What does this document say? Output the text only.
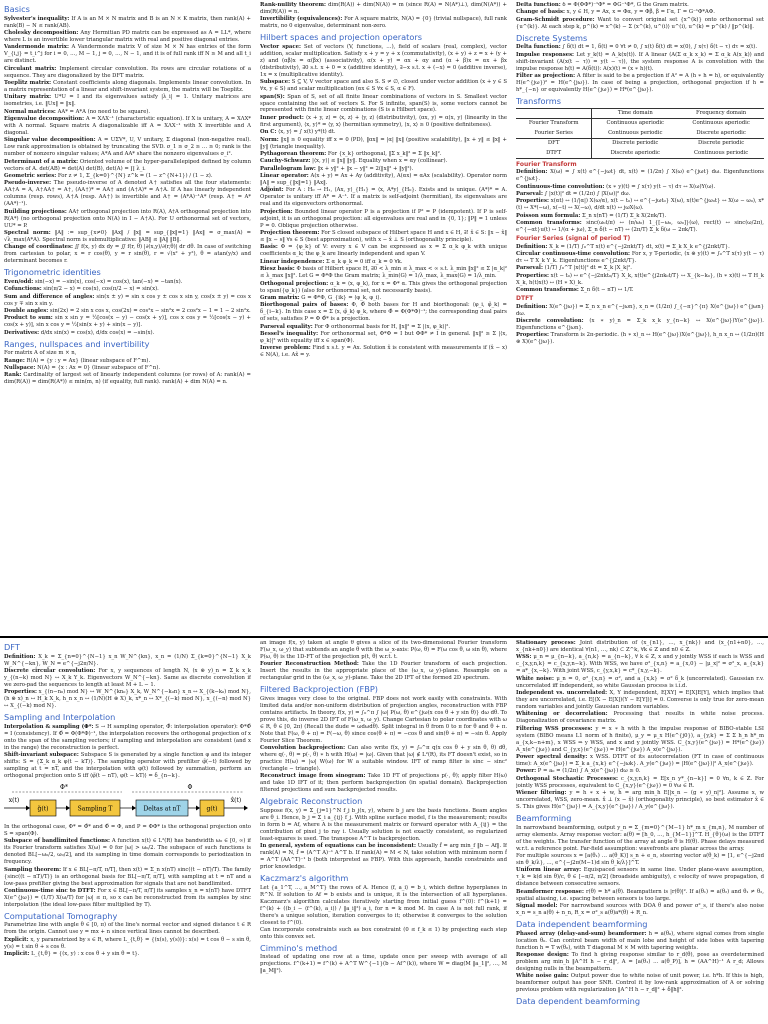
Basics

Sylvester's inequality: If A is an M × N matrix and B is an N × K matrix, then rank(A) + rank(B) − N ≤ rank(AB).

Cholesky decomposition: Any Hermitian PD matrix can be expressed as A = LL*, where where L is an invertible lower triangular matrix with real and positive diagonal entries.

Vandermonde matrix: A Vandermonde matrix V of size M × N has entries of the form V_{i,j} = t_i^j for i = 0, …, M − 1, j = 0, …, N − 1, and it is of full rank iff N ≥ M and all t_i are distinct.

Circulant matrix: Implement circular convolution. Its rows are circular rotations of a sequence. They are diagonalized by the DFT matrix.

Toeplitz matrix: Constant coefficients along diagonals. Implements linear convolution. In a matrix representation of a linear and shift-invariant system, the matrix will be Toeplitz.

Unitary matrix: U*U = I and its eigenvalues satisfy |λ_i| = 1. Unitary matrices are isometries, i.e. ‖Ux‖ = ‖x‖.

Normal matrices: AA* = A*A (no need to be square).

Eigenvalue decomposition: A = XΛX⁻¹ (characteristic equation). If X is unitary, A = XΛX* with A normal. Square matrix A diagonalizable iff A = XΛX⁻¹ with X invertible and Λ diagonal.

Singular value decomposition: A = UΣV*, U, V unitary, Σ diagonal (non-negative real). Low rank approximation is obtained by truncating the SVD. σ_1 ≥ σ_2 ≥ … ≥ 0; rank is the number of nonzero singular values; A*A and AA* share the nonzero eigenvalues σ_i².

Determinant of a matrix: Oriented volume of the hyper-parallelepiped defined by column vectors of A. det(AB) = det(A) det(B), det(A) = ∏ λ_i.

Geometric series: For z ≠ 1, Σ_{k=0}^{N} z^k = (1 − z^{N+1}) / (1 − z).

Pseudo-inverse: The pseudo-inverse of A denoted A† satisfies all the four statements: AA†A = A, A†AA† = A†, (AA†)* = AA† and (A†A)* = A†A. If A has linearly independent columns (resp. rows), A†A (resp. AA†) is invertible and A† = (A*A)⁻¹A* (resp. A† = A*(AA*)⁻¹).

Building projections: AA† orthogonal projection into R(A), A†A orthogonal projection into R(A*) (no orthogonal projection onto N(A) in I − A†A). For U orthonormal set of vectors, UU* = P.

Spectral norm: ‖A‖ := sup_{x≠0} ‖Ax‖ / ‖x‖ = sup_{‖x‖=1} ‖Ax‖ = σ_max(A) = √λ_max(A*A). Spectral norm is submultiplicative: ‖AB‖ ≤ ‖A‖ ‖B‖.

Change of coordinates: ∬ f(x, y) dx dy = ∬ f(r, θ) |∂(x,y)/∂(r,θ)| dr dθ. In case of switching from cartesian to polar, x = r cos(θ), y = r sin(θ), r = √(x² + y²), θ = atan(y/x) and determinant becomes r.

Trigonometric identities

Even/odd: sin(−x) = −sin(x), cos(−x) = cos(x), tan(−x) = −tan(x).

Cofunctions: sin(π/2 − x) = cos(x), cos(π/2 − x) = sin(x).

Sum and difference of angles: sin(x ± y) = sin x cos y ± cos x sin y, cos(x ± y) = cos x cos y ∓ sin x sin y.

Double angles: sin(2x) = 2 sin x cos x, cos(2x) = cos²x − sin²x = 2 cos²x − 1 = 1 − 2 sin²x.

Product to sum: sin x sin y = ½[cos(x − y) − cos(x + y)], cos x cos y = ½[cos(x − y) + cos(x + y)], sin x cos y = ½[sin(x + y) + sin(x − y)].

Derivatives: d/dx sin(x) = cos(x), d/dx cos(x) = −sin(x).

Ranges, nullspaces and invertibility

For matrix A of size m × n,

Range: R(A) = {y : y = Ax} (linear subspace of F^m).

Nullspace: N(A) = {x : Ax = 0} (linear subspace of F^n).

Rank: Cardinality of largest set of linearly independent columns (or rows) of A: rank(A) = dim(R(A)) = dim(R(A*)) ≤ min(m, n) (if equality, full rank). rank(A) + dim N(A) = n.

Rank-nullity theorem: dim(R(A)) + dim(N(A)) = m (since R(A) = N(A*)⊥), dim(N(A*)) + dim(R(A)) = n.

Invertibility (equivalences): For A square matrix, N(A) = {0} (trivial nullspace), full rank matrix, no 0 eigenvalue, determinant non-zero.

Hilbert spaces and projection operators

Vector space: Set of vectors (V, functions, …), field of scalars (real, complex), vector addition, scalar multiplication. Satisfy x + y = y + x (commutativity), (x + y) + z = x + (y + z) and (αβ)x = α(βx) (associativity), α(x + y) = αx + αy and (α + β)x = αx + βx (distributivity), ∃0 s.t. x + 0 = x (additive identity), ∃−x s.t. x + (−x) = 0 (additive inverse), 1x = x (multiplicative identity).

Subspace: S ⊆ V, V vector space and also S. S ≠ ∅, closed under vector addition (x + y ∈ S ∀x, y ∈ S) and scalar multiplication (αx ∈ S ∀x ∈ S, α ∈ F).

span(S): Span of S, set of all finite linear combinations of vectors in S. Smallest vector space containing the set of vectors S. For S infinite, span(S) is, some vectors cannot be represented with finite linear combinations (S is a Hilbert space).

Inner product: ⟨x + y, z⟩ = ⟨x, z⟩ + ⟨y, z⟩ (distributivity), ⟨αx, y⟩ = α⟨x, y⟩ (linearity in the first argument), ⟨x, y⟩* = ⟨y, x⟩ (hermitian symmetry), ⟨x, x⟩ ≥ 0 (positive definiteness).

On C: ⟨x, y⟩ = ∫ x(t) y*(t) dt.

Norm: ‖x‖ ≥ 0 equality iff x = 0 (PD), ‖αx‖ = |α| ‖x‖ (positive scalability), ‖x + y‖ ≤ ‖x‖ + ‖y‖ (triangle inequality).

Pythagorean theorem: For {x_k} orthogonal, ‖Σ x_k‖² = Σ ‖x_k‖².

Cauchy-Schwarz: |⟨x, y⟩| ≤ ‖x‖ ‖y‖. Equality when x = αy (collinear).

Parallelogram law: ‖x + y‖² + ‖x − y‖² = 2(‖x‖² + ‖y‖²).

Linear operator: A(x + y) = Ax + Ay (additivity), A(αx) = αAx (scalability). Operator norm ‖A‖ = sup_{‖x‖=1} ‖Ax‖.

Adjoint: For A : H₀ → H₁, ⟨Ax, y⟩_{H₁} = ⟨x, A*y⟩_{H₀}. Exists and is unique. (A*)* = A. Operator is unitary iff A* = A⁻¹. If a matrix is self-adjoint (hermitian), its eigenvalues are real and its eigenvectors orthonormal.

Projection: Bounded linear operator P is a projection if P² = P (idempotent). If P is self-adjoint, it is an orthogonal projection: all eigenvalues are real and in {0, 1}; ‖P‖ = 1 unless P = 0. Oblique projection otherwise.

Projection theorem: For S closed subspace of Hilbert space H and x ∈ H, ∃! x̂ ∈ S: ‖x − x̂‖ ≤ ‖x − s‖ ∀s ∈ S (best approximation), with x − x̂ ⊥ S (orthogonality principle).

Basis: Φ = {φ_k} of V: every x ∈ V can be expressed as x = Σ α_k φ_k with unique coefficients α_k; the φ_k are linearly independent and span V.

Linear independence: Σ α_k φ_k = 0 iff α_k = 0 ∀k.

Riesz basis: Φ basis of Hilbert space H, ∃0 < λ_min ≤ λ_max < ∞ s.t. λ_min ‖x‖² ≤ Σ |α_k|² ≤ λ_max ‖x‖². Let G = Φ*Φ the Gram matrix; λ_min(G) = 1/λ_max, λ_max(G) = 1/λ_min.

Orthogonal projection: α_k = ⟨x, φ_k⟩, for x = Φ* α. This gives the orthogonal projection to span({φ_k}) (also for orthonormal set, not necessarily basis).

Gram matrix: G = Φ*Φ, G_{ik} = ⟨φ_k, φ_i⟩.

Biorthogonal pairs of bases: Φ, Φ̃ both bases for H and biorthogonal: ⟨φ_i, φ̃_k⟩ = δ_{i−k}. In this case x = Σ ⟨x, φ̃_k⟩ φ_k, where Φ̃ = Φ(Φ*Φ)⁻¹; the corresponding dual pairs of sets, satisfies P = Φ Φ̃* is a projection.

Parseval equality: For Φ orthonormal basis for H, ‖x‖² = Σ |⟨x, φ_k⟩|².

Bessel's inequality: For orthonormal set, Φ*Φ = I but ΦΦ* ≠ I in general. ‖x‖² ≥ Σ |⟨x, φ_k⟩|² with equality iff x ∈ span(Φ).

Inverse problem: Find x s.t. y = Ax. Solution x̂ is consistent with measurements if (x̂ − x) ∈ N(A), i.e. Ax̂ = y.

Delta function: δ = Φ(ΦΦ*)⁻¹Φ* = ΦG⁻¹Φ*, G the Gram matrix.

Change of basis: x, y ∈ H, y = Ax, x = Φα, y = Φβ, β = Γα, Γ = G⁻¹Φ*AΦ.

Gram-Schmidt procedure: Want to convert original set {x^(k)} onto orthonormal set {u^(k)}. At each step k, p^(k) = x^(k) − Σ ⟨x^(k), u^(i)⟩ u^(i), u^(k) = p^(k) / ‖p^(k)‖.

Discrete Systems

Delta function: ∫ δ(t) dt = 1, δ(t) = 0 ∀t ≠ 0, ∫ x(t) δ(t) dt = x(0), ∫ x(τ) δ(t − τ) dτ = x(t).

Impulse responses: Let y_k(t) = A_k(x(t)). If A linear (A(Σ α_k x_k) = Σ α_k A(x_k)) and shift-invariant (A(x(t − τ)) = y(t − τ)), the system response A is convolution with the impulse response h(t) = A(δ(t)): A(x)(t) = (x ∗ h)(t).

Filter as projection: A filter is said to be a projection if A² = A (h ∗ h = h), or equivalently H(e^{jω})² = H(e^{jω}). In case of being a projection, orthogonal projection if h = h*_{−n} or equivalently H(e^{jω}) = H*(e^{jω}).

Transforms
	Time domain	Frequency domain
Fourier Transform	Continuous aperiodic	Continuous aperiodic
Fourier Series	Continuous periodic	Discrete aperiodic
DFT	Discrete periodic	Discrete periodic
DTFT	Discrete aperiodic	Continuous periodic
Fourier Transform

Definition: X(ω) = ∫ x(t) e^{−jωt} dt, x(t) = (1/2π) ∫ X(ω) e^{jωt} dω. Eigenfunctions e^{jωt}.

Continuous-time convolution: (x ∗ y)(t) = ∫ x(τ) y(t − τ) dτ ↔ X(ω)Y(ω).

Parseval: ∫ |x(t)|² dt = (1/2π) ∫ |X(ω)|² dω.

Properties: x(αt) ↔ (1/|α|) X(ω/α), x(t − t₀) ↔ e^{−jωt₀} X(ω), x(t)e^{jω₀t} ↔ X(ω − ω₀), x*(t) ↔ X*(−ω), x(−t) ↔ X(−ω), d/dt x(t) ↔ jωX(ω).

Poisson sum formula: Σ_n x(nT) = (1/T) Σ_k X(2πk/T).

Common transforms: sinc(ω₀t/π) ↔ (π/ω₀) 1_{[−ω₀, ω₀]}(ω), rect(t) ↔ sinc(ω/2π), e^{−αt}u(t) ↔ 1/(α + jω), Σ_n δ(t − nT) ↔ (2π/T) Σ_k δ(ω − 2πk/T).

Fourier Series (signal of period T)

Definition: X_k = (1/T) ∫₀^T x(t) e^{−j2πkt/T} dt, x(t) = Σ_k X_k e^{j2πkt/T}.

Circular continuous-time convolution: For x, y T-periodic, (x ⊛ y)(t) = ∫₀^T x(τ) y(t − τ) dτ ↔ T X_k Y_k. Eigenfunctions e^{j2πkt/T}.

Parseval: (1/T) ∫₀^T |x(t)|² dt = Σ_k |X_k|².

Properties: x(t − t₀) ↔ e^{−j2πkt₀/T} X_k, x(t)e^{j2πk₀t/T} ↔ X_{k−k₀}, (h ∗ x)(t) ↔ T H_k X_k, h(t)x(t) ↔ (H ∗ X)_k.

Common transforms: Σ_n δ(t − nT) ↔ 1/T.

DTFT

Definition: X(e^{jω}) = Σ_n x_n e^{−jωn}, x_n = (1/2π) ∫_{−π}^{π} X(e^{jω}) e^{jωn} dω.

Discrete convolution: (x ∗ y)_n = Σ_k x_k y_{n−k} ↔ X(e^{jω})Y(e^{jω}). Eigenfunctions e^{jωn}.

Properties: Transform is 2π-periodic. (h ∗ x)_n ↔ H(e^{jω})X(e^{jω}), h_n x_n ↔ (1/2π)(H ⊛ X)(e^{jω}).

DFT

Definition: X_k = Σ_{n=0}^{N−1} x_n W_N^{kn}, x_n = (1/N) Σ_{k=0}^{N−1} X_k W_N^{−kn}, W_N = e^{−j2π/N}.

Discrete circular convolution: For x, y sequences of length N, (x ⊛ y)_n = Σ_k x_k y_{(n−k) mod N} ↔ X_k Y_k. Eigenvectors W_N^{−kn}. Same as discrete convolution if we zero-pad the sequences to length at least M + L − 1.

Properties: x_{(n−n₀) mod N} ↔ W_N^{kn₀} X_k, W_N^{−k₀n} x_n ↔ X_{(k−k₀) mod N}, (h ⊛ x)_n ↔ H_k X_k, h_n x_n ↔ (1/N)(H ⊛ X)_k, x*_n ↔ X*_{(−k) mod N}, x_{(−n) mod N} ↔ X_{(−k) mod N}.

Sampling and Interpolation

Interpolation & sampling (Φ*: S → H sampling operator, Φ̃: interpolation operator): Φ*Φ̃ = I (consistency). If Φ̃ = Φ(Φ*Φ)⁻¹, the interpolation recovers the orthogonal projection of x onto the span of the sampling vectors; if sampling and interpolation are consistent (and x in the range) the reconstruction is perfect.

Shift-invariant subspace: Subspace S is generated by a single function φ and its integer shifts: S = {Σ_k α_k φ(t − kT)}. The sampling operator with prefilter φ̃(−t) followed by sampling at t = nT, and the interpolation with φ(t) followed by summation, perform an orthogonal projection onto S iff ⟨φ̃(t − nT), φ(t − kT)⟩ = δ_{n−k}.

Φ*	Φ
x(t)
g̃(t)	Sampling T	Deltas at nT	g(t)
x̂(t)

In the orthogonal case, Φ* = Φ̃* and Φ̃ = Φ, and P = ΦΦ* is the orthogonal projection onto S = span(Φ).

Subspace of bandlimited functions: A function x(t) ∈ L²(R) has bandwidth ω₀ ∈ [0, ∞) if its Fourier transform satisfies X(ω) = 0 for |ω| > ω₀/2. The subspace of such functions is denoted BL[−ω₀/2, ω₀/2], and its sampling in time domain corresponds to periodization in frequency.

Sampling theorem: If x ∈ BL[−π/T, π/T], then x(t) = Σ_n x(nT) sinc((t − nT)/T). The family {sinc((t − nT)/T)} is an orthogonal basis for BL[−π/T, π/T], with sampling at t = nT and a low-pass prefilter giving the best approximation for signals that are not bandlimited.

Continuous-time sinc to DTFT: For x ∈ BL[−π/T, π/T] its samples x_n = x(nT) have DTFT X(e^{jω}) = (1/T) X(ω/T) for |ω| ≤ π, so x can be reconstructed from its samples by sinc interpolation (the ideal low-pass filter multiplied by T).

Computational Tomography

Parametrize line with angle θ ∈ [0, π) of the line's normal vector and signed distance t ∈ R from the origin. Cannot use y = mx + n since vertical lines cannot be described.

Explicit: x, y parametrized by s ∈ R, where L_{t,θ} = {(x(s), y(s))}: x(s) = t cos θ − s sin θ, y(s) = t sin θ + s cos θ.

Implicit: L_{t,θ} = {(x, y) : x cos θ + y sin θ = t}.

an image f(x, y) taken at angle θ gives a slice of its two-dimensional Fourier transform F(ω_x, ω_y) that subtends an angle θ with the ω_x-axis: P(ω, θ) = F(ω cos θ, ω sin θ), where P(ω, θ) is the 1D-FT of the projection p(t, θ) w.r.t. t.

Fourier Reconstruction Method: Take the 1D Fourier transform of each projection. Insert the results in the appropriate place of the (ω_x, ω_y)-plane. Resample on a rectangular grid in the (ω_x, ω_y)-plane. Take the 2D IFT of the formed 2D spectrum.

Filtered Backprojection (FBP)

Gives images very close to the original. FBP does not work easily with constraints. With limited data and/or non-uniform distribution of projection angles, reconstruction with FBP contains artifacts. In theory, f(x, y) = ∫₀^π ∫ |ω| P(ω, θ) e^{jω(x cos θ + y sin θ)} dω dθ. To prove this, do inverse 2D IFT of F(ω_x, ω_y). Change Cartesian to polar coordinates with ω ∈ R, θ ∈ [0, 2π) (Recall the dude = ωdωdθ). Split integral in θ from 0 to π for θ and θ + π. Note that F(ω, θ + π) = F(−ω, θ) since cos(θ + π) = −cos θ and sin(θ + π) = −sin θ. Apply Fourier Slice Theorem.

Convolution backprojection: Can also write f(x, y) = ∫₀^π q(x cos θ + y sin θ, θ) dθ, where q(·, θ) = p(·, θ) ∗ h with H(ω) = |ω|. Given that |ω| ∉ L²(R), its FT doesn't exist, so in practice H(ω) = |ω| W(ω) for W a suitable window. IFT of ramp filter is sinc − sinc² (rectangle − triangle).

Reconstruct image from sinogram: Take 1D FT of projections p(·, θ); apply filter H(ω) and take 1D IFT of it; then perform backprojection (in spatial domain). Backprojection filtered projections and sum backprojected results.

Algebraic Reconstruction

Suppose f(x, y) = Σ_{j=1}^N f_j b_j(x, y), where b_j are the basis functions. Beam angles are θ_i. Hence, b_j = Σ_i a_{ij} f_j. With spline surface model, f is the measurement; results in form b = Af, where A is the measurement matrix or forward operator with A_{ij} = the contribution of pixel j to ray i. Usually solution is not exactly consistent, so regularized least-squares is used. The transpose A^T is backprojection.

In general, system of equations can be inconsistent: Usually f̂ = arg min_f ‖b − Af‖. If rank(A) = N, f̂ = (A^T A)⁻¹ A^T b. If rank(A) = M < N, take solution with minimum norm f̂ = A^T (AA^T)⁻¹ b (both interpreted as FBP). With this approach, handle constraints and prior knowledge.

Kaczmarz's algorithm

Let {a_1^T, …, a_M^T} the rows of A. Hence ⟨f, a_i⟩ = b_i, which define hyperplanes in R^N. If solution to Af = b exists and is unique, it is the intersection of all hyperplanes. Kaczmarz's algorithm calculates iteratively starting from initial guess f^(0): f^(k+1) = f^(k) + ((b_i − ⟨f^(k), a_i⟩) / ‖a_i‖²) a_i, for n = k mod M. In case A is not full rank, if there's a unique solution, iteration converges to it; otherwise it converges to the solution closest to f^(0).

Can incorporate constraints such as box constraint (0 ≤ f_k ≤ 1) by projecting each step onto this convex set.

Cimmino's method

Instead of updating one row at a time, update once per sweep with average of all projections. f^(k+1) = f^(k) + A^T W^{−1}(b − Af^(k)), where W = diag(M ‖a_1‖², …, M ‖a_M‖²).

Stationary process: Joint distribution of (x_{n1}, …, x_{nk}) and (x_{n1+n0}, …, x_{nk+n0}) are identical ∀(n1, …, nk) ⊂ Z^k, ∀k ∈ Z and n0 ∈ Z.

WSS: μ_n = μ_{n−k}, a_{n,k} = a_{n−k}, ∀ k ∈ Z, x and y jointly WSS if each is WSS and c_{x,y,n,k} = c_{x,y,n−k}. With WSS, we have σ²_{x,n} = a_{x,0} − |μ_x|² = σ²_x, a_{x,k} = a*_{x,−k}. With joint WSS, c_{y,x,k} = c*_{x,y,−k}.

White noise: μ_n = 0, σ²_{x,n} = σ², and a_{x,k} = σ² δ_k (uncorrelated). Gaussian r.v. uncorrelated iff independent, so white Gaussian process is i.i.d.

Independent vs. uncorrelated: X, Y independent, E[XY] = E[X]E[Y], which implies that they are uncorrelated, i.e. E[(X − E[X])(Y − E[Y])] = 0. Converse is only true for zero-mean random variables and jointly Gaussian random variables.

Whitening or decorrelation: Processing that results in white noise process. Diagonalization of covariance matrix.

Filtering WSS processes: y = x ∗ h with h the impulse response of BIBO-stable LSI system (BIBO means L1 norm of h finite), μ_y = μ_x H(e^{j0}), a_{y,k} = Σ Σ h_n h*_m a_{x,k−n+m}, x WSS ⇒ y WSS, and x and y jointly WSS. C_{x,y}(e^{jω}) = H*(e^{jω}) A_x(e^{jω}) and C_{y,x}(e^{jω}) = H(e^{jω}) A_x(e^{jω}).

Power spectral density: x WSS. DTFT of its autocorrelation (FT in case of continuous time): A_x(e^{jω}) = Σ_k a_{x,k} e^{−jωk}. A_y(e^{jω}) = |H(e^{jω})|² A_x(e^{jω}).

Power: P = a₀ = (1/2π) ∫ A_x(e^{jω}) dω ≥ 0.

Orthogonal Stochastic Processes: c_{x,y,n,k} = E[x_n y*_{n−k}] = 0 ∀n, k ∈ Z. For jointly WSS processes, equivalent to C_{x,y}(e^{jω}) = 0 ∀ω ∈ R.

Wiener filtering: y = h ∗ x + w, ĥ = arg min_h E[|x_n − (g ∗ y)_n|²]. Assume x, w uncorrelated, WSS, zero-mean. x̂ ⊥ (x − x̂) (orthogonality principle), so best estimator x̂ ∈ S. This gives H(e^{jω}) = A_{x,y}(e^{jω}) / A_y(e^{jω}).

Beamforming

In narrowband beamforming, output y_n = Σ_{m=0}^{M−1} h*_m x_{m,n}, M number of array elements. Array response vector: a(θ) = [h_0, …, h_{M−1}]^T. H_{θ}(ω) is the DTFT of the weights. The transfer function of the array at angle θ is H(θ). Phase delays measured w.r.t. a reference point. Far-field assumption: wavefronts are planar across the array.

For multiple sources x = [a(θ₁) … a(θ_K)] s_n + e_n, steering vector a(θ_k) = [1, e^{−j2πd sin θ_k/λ}, …, e^{−j2π(M−1)d sin θ_k/λ}]^T.

Uniform linear array: Equispaced sensors in same line. Under plane-wave assumption, τ_k = k(d sin θ)/c, θ ∈ [−π/2, π/2] (broadside ambiguity), c velocity of wave propagation, d distance between consecutive sensors.

Beamformer response: r(θ) = h* a(θ). Beampattern is |r(θ)|². If a(θ₁) = a(θ₂) and θ₁ ≠ θ₂, spatial aliasing, i.e. spacing between sensors is too large.

Signal model: For narrowband sources with DOA θ and power σ²_s, if there's also noise x_n = s_n a(θ) + n_n, R_x = σ²_s a(θ)a*(θ) + R_n.

Data independent beamforming

Phased array (delay-and-sum) beamformer: h = a(θ₀), where signal comes from single location θ₀. Can control beam width of main lobe and height of side lobes with tapering function h = T w(θ₀), with T diagonal M × M with tapering weights.

Response design: To find h giving response similar to r_d(θ), pose as overdetermined problem arg min_h ‖A^H h − r_d‖², A = [a(θ₁) … a(θ_P)], h = (AA^H)⁻¹ A r_d; Allows designing nulls in the beampattern.

White noise gain: Output power due to white noise of unit power, i.e. h*h. If this is high, beamformer output has poor SNR. Control it by low-rank approximation of A or solving previous problem with regularization ‖A^H h − r_d‖² + δ‖h‖².

Data dependent beamforming
